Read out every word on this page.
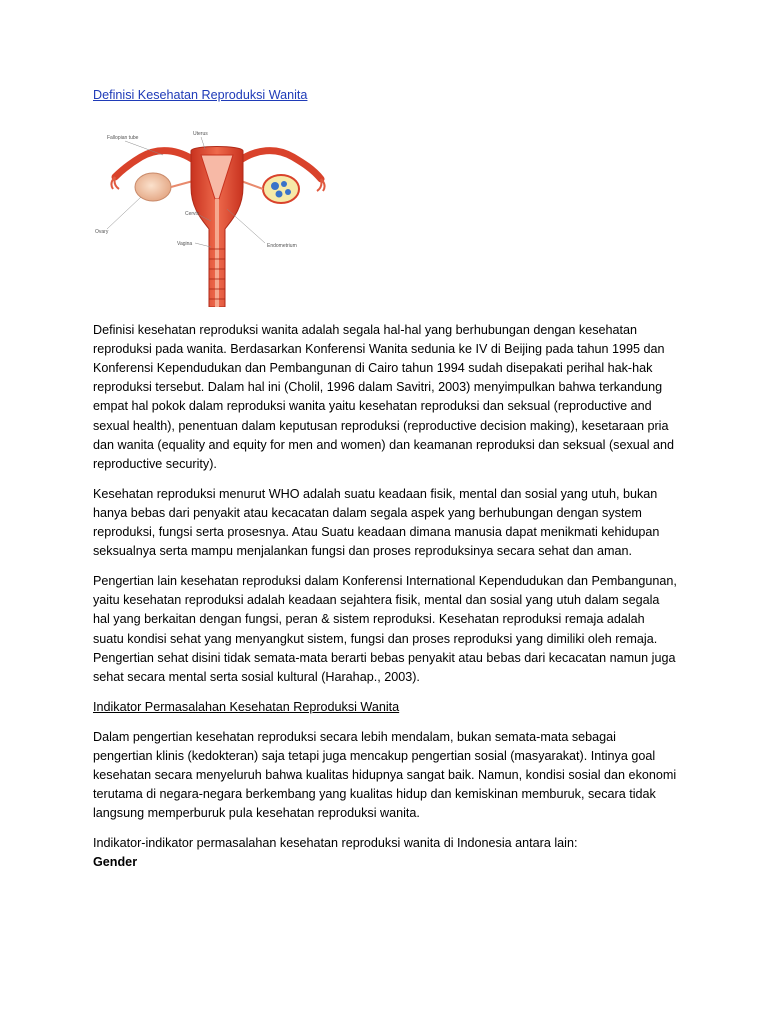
Definisi Kesehatan Reproduksi Wanita

Fallopian tube
Uterus
Ovary
Cervix
Vagina	Endometrium

Definisi kesehatan reproduksi wanita adalah segala hal-hal yang berhubungan dengan kesehatan reproduksi pada wanita. Berdasarkan Konferensi Wanita sedunia ke IV di Beijing pada tahun 1995 dan Konferensi Kependudukan dan Pembangunan di Cairo tahun 1994 sudah disepakati perihal hak-hak reproduksi tersebut. Dalam hal ini (Cholil, 1996 dalam Savitri, 2003) menyimpulkan bahwa terkandung empat hal pokok dalam reproduksi wanita yaitu kesehatan reproduksi dan seksual (reproductive and sexual health), penentuan dalam keputusan reproduksi (reproductive decision making), kesetaraan pria dan wanita (equality and equity for men and women) dan keamanan reproduksi dan seksual (sexual and reproductive security).

Kesehatan reproduksi menurut WHO adalah suatu keadaan fisik, mental dan sosial yang utuh, bukan hanya bebas dari penyakit atau kecacatan dalam segala aspek yang berhubungan dengan system reproduksi, fungsi serta prosesnya. Atau Suatu keadaan dimana manusia dapat menikmati kehidupan seksualnya serta mampu menjalankan fungsi dan proses reproduksinya secara sehat dan aman.

Pengertian lain kesehatan reproduksi dalam Konferensi International Kependudukan dan Pembangunan, yaitu kesehatan reproduksi adalah keadaan sejahtera fisik, mental dan sosial yang utuh dalam segala hal yang berkaitan dengan fungsi, peran & sistem reproduksi. Kesehatan reproduksi remaja adalah suatu kondisi sehat yang menyangkut sistem, fungsi dan proses reproduksi yang dimiliki oleh remaja. Pengertian sehat disini tidak semata-mata berarti bebas penyakit atau bebas dari kecacatan namun juga sehat secara mental serta sosial kultural (Harahap., 2003).

Indikator Permasalahan Kesehatan Reproduksi Wanita

Dalam pengertian kesehatan reproduksi secara lebih mendalam, bukan semata-mata sebagai pengertian klinis (kedokteran) saja tetapi juga mencakup pengertian sosial (masyarakat). Intinya goal kesehatan secara menyeluruh bahwa kualitas hidupnya sangat baik. Namun, kondisi sosial dan ekonomi terutama di negara-negara berkembang yang kualitas hidup dan kemiskinan memburuk, secara tidak langsung memperburuk pula kesehatan reproduksi wanita.

Indikator-indikator permasalahan kesehatan reproduksi wanita di Indonesia antara lain:

Gender
